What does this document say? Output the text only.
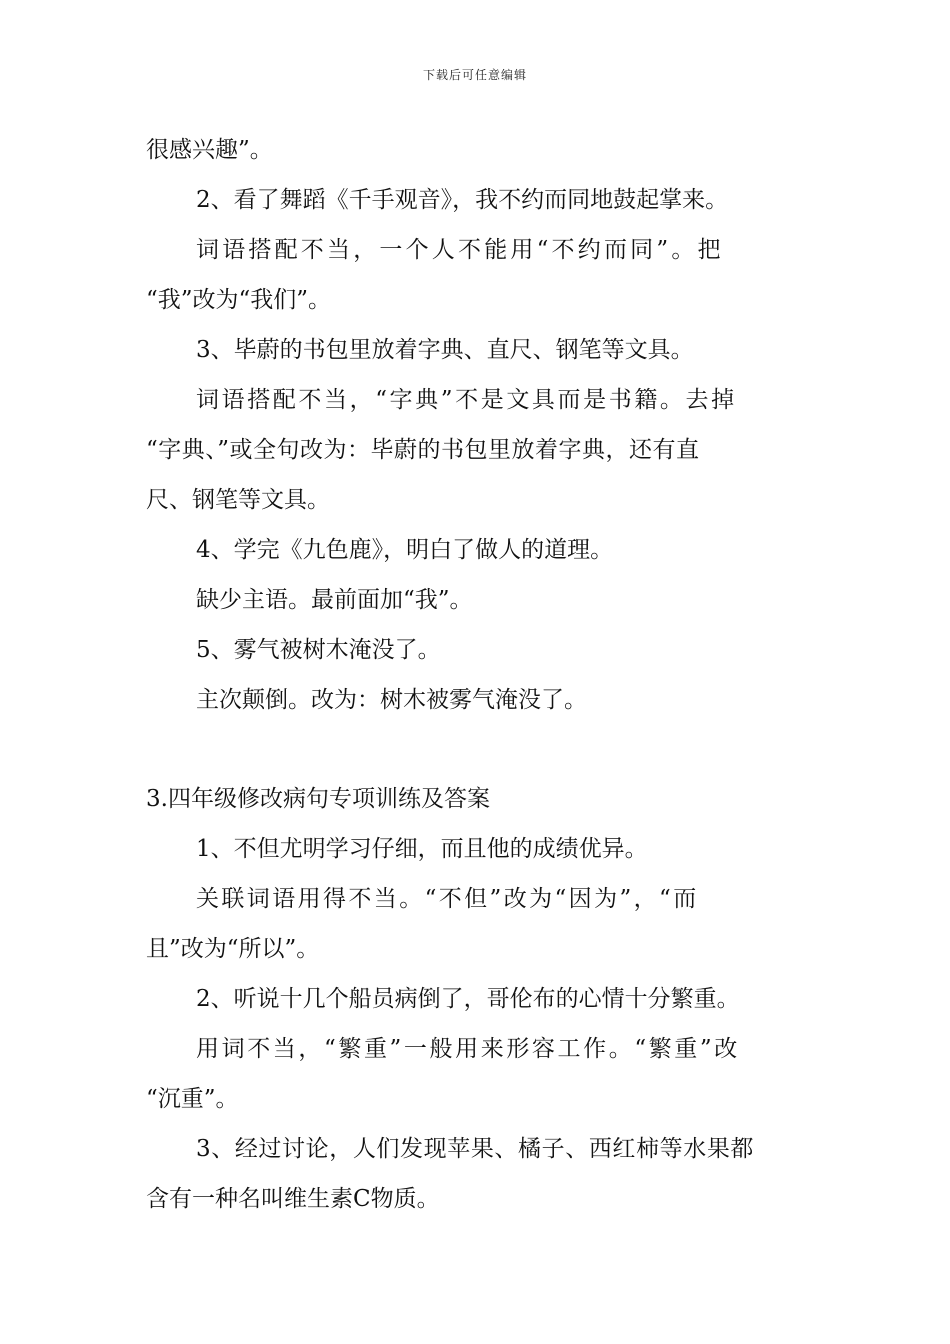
下载后可任意编辑
很感兴趣”。
2、看了舞蹈《千手观音》，我不约而同地鼓起掌来。
词语搭配不当，一个人不能用“不约而同”。把
“我”改为“我们”。
3、毕蔚的书包里放着字典、直尺、钢笔等文具。
词语搭配不当，“字典”不是文具而是书籍。去掉
“字典、”或全句改为：毕蔚的书包里放着字典，还有直
尺、钢笔等文具。
4、学完《九色鹿》，明白了做人的道理。
缺少主语。最前面加“我”。
5、雾气被树木淹没了。
主次颠倒。改为：树木被雾气淹没了。
3.四年级修改病句专项训练及答案
1、不但尤明学习仔细，而且他的成绩优异。
关联词语用得不当。“不但”改为“因为”，“而
且”改为“所以”。
2、听说十几个船员病倒了，哥伦布的心情十分繁重。
用词不当，“繁重”一般用来形容工作。“繁重”改
“沉重”。
3、经过讨论，人们发现苹果、橘子、西红柿等水果都
含有一种名叫维生素C物质。
